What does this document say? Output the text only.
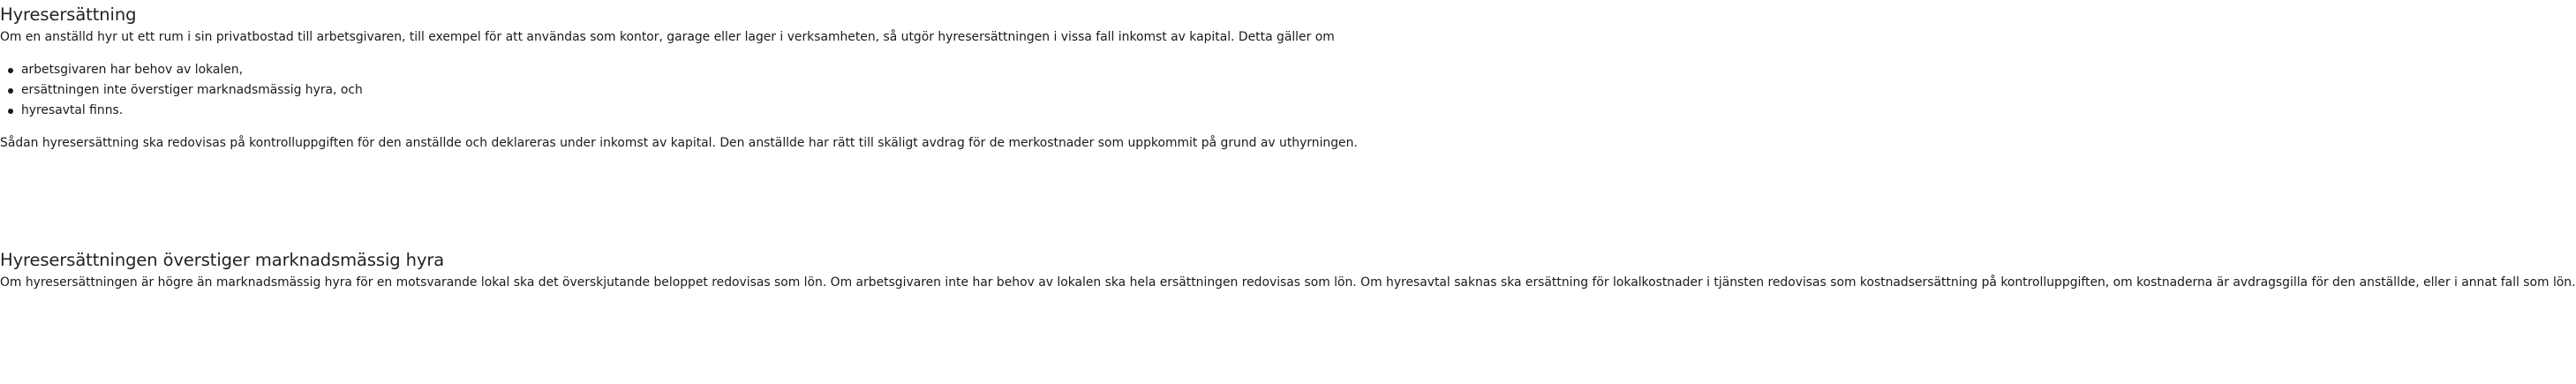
Hyresersättning

Om en anställd hyr ut ett rum i sin privatbostad till arbetsgivaren, till exempel för att användas som kontor, garage eller lager i verksamheten, så utgör hyresersättningen i vissa fall inkomst av kapital. Detta gäller om

arbetsgivaren har behov av lokalen,
ersättningen inte överstiger marknadsmässig hyra, och
hyresavtal finns.

Sådan hyresersättning ska redovisas på kontrolluppgiften för den anställde och deklareras under inkomst av kapital. Den anställde har rätt till skäligt avdrag för de merkostnader som uppkommit på grund av uthyrningen.

Hyresersättningen överstiger marknadsmässig hyra

Om hyresersättningen är högre än marknadsmässig hyra för en motsvarande lokal ska det överskjutande beloppet redovisas som lön. Om arbetsgivaren inte har behov av lokalen ska hela ersättningen redovisas som lön. Om hyresavtal saknas ska ersättning för lokalkostnader i tjänsten redovisas som kostnadsersättning på kontrolluppgiften, om kostnaderna är avdragsgilla för den anställde, eller i annat fall som lön.
